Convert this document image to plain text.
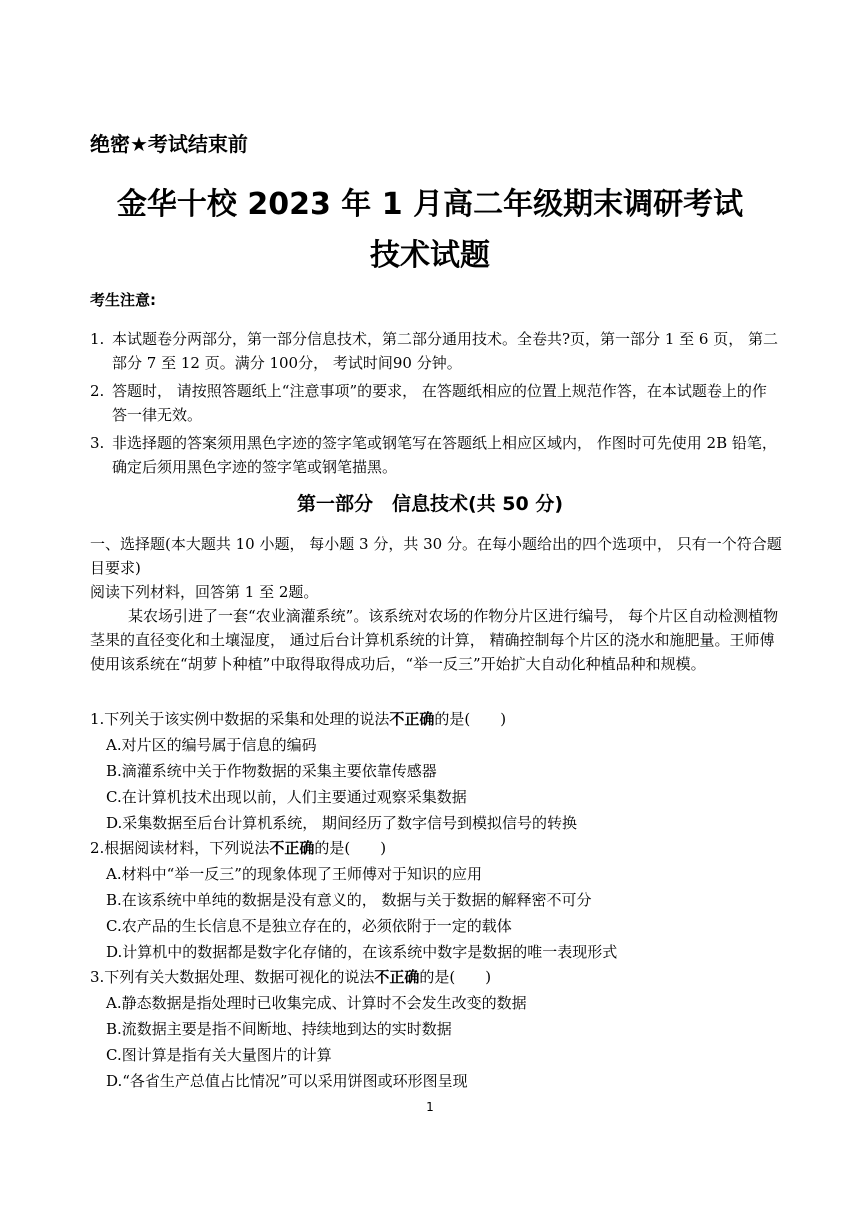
绝密★考试结束前
金华十校 2023 年 1 月高二年级期末调研考试
技术试题
考生注意:
1. 本试题卷分两部分，第一部分信息技术，第二部分通用技术。全卷共?页，第一部分 1 至 6 页， 第二部分 7 至 12 页。满分 100分， 考试时间90 分钟。
2. 答题时， 请按照答题纸上“注意事项”的要求， 在答题纸相应的位置上规范作答，在本试题卷上的作答一律无效。
3. 非选择题的答案须用黑色字迹的签字笔或钢笔写在答题纸上相应区域内， 作图时可先使用 2B 铅笔， 确定后须用黑色字迹的签字笔或钢笔描黑。
第一部分　信息技术(共 50 分)
一、选择题(本大题共 10 小题， 每小题 3 分，共 30 分。在每小题给出的四个选项中， 只有一个符合题目要求)
阅读下列材料，回答第 1 至 2题。
某农场引进了一套“农业滴灌系统”。该系统对农场的作物分片区进行编号， 每个片区自动检测植物茎果的直径变化和土壤湿度， 通过后台计算机系统的计算， 精确控制每个片区的浇水和施肥量。王师傅使用该系统在“胡萝卜种植”中取得取得成功后，“举一反三”开始扩大自动化种植品种和规模。
1.下列关于该实例中数据的采集和处理的说法不正确的是(　　)
A.对片区的编号属于信息的编码
B.滴灌系统中关于作物数据的采集主要依靠传感器
C.在计算机技术出现以前，人们主要通过观察采集数据
D.采集数据至后台计算机系统， 期间经历了数字信号到模拟信号的转换
2.根据阅读材料，下列说法不正确的是(　　)
A.材料中“举一反三”的现象体现了王师傅对于知识的应用
B.在该系统中单纯的数据是没有意义的， 数据与关于数据的解释密不可分
C.农产品的生长信息不是独立存在的，必须依附于一定的载体
D.计算机中的数据都是数字化存储的，在该系统中数字是数据的唯一表现形式
3.下列有关大数据处理、数据可视化的说法不正确的是(　　)
A.静态数据是指处理时已收集完成、计算时不会发生改变的数据
B.流数据主要是指不间断地、持续地到达的实时数据
C.图计算是指有关大量图片的计算
D.“各省生产总值占比情况”可以采用饼图或环形图呈现
1
